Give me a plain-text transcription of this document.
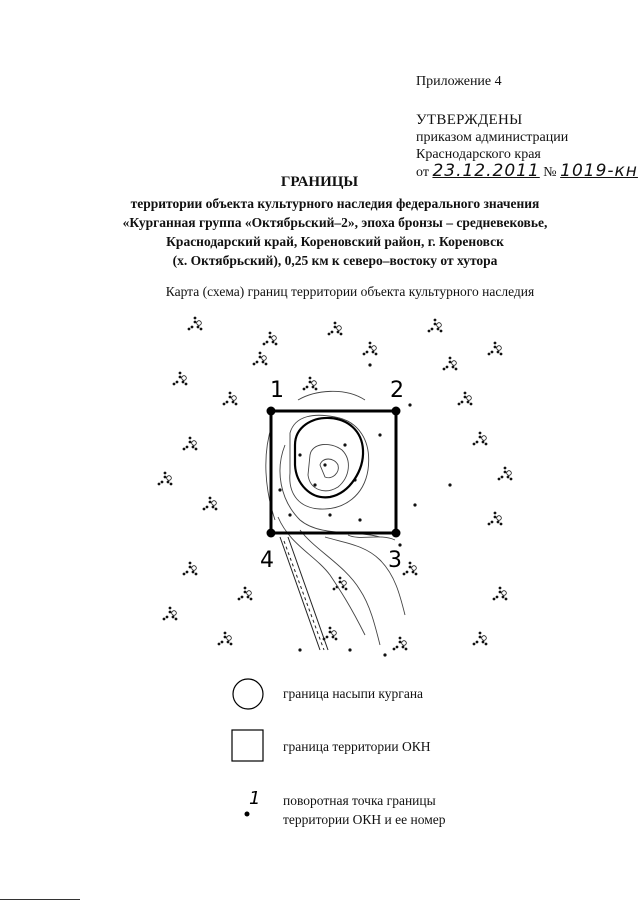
Приложение 4
УТВЕРЖДЕНЫ
приказом администрации
Краснодарского края
от 23.12.2011 № 1019-кн
ГРАНИЦЫ
территории объекта культурного наследия федерального значения
«Курганная группа «Октябрьский–2», эпоха бронзы – средневековье,
Краснодарский край, Кореновский район, г. Кореновск
(х. Октябрьский), 0,25 км к северо–востоку от хутора
Карта (схема) границ территории объекта культурного наследия
1	2
3
4
граница насыпи кургана
граница территории ОКН
1 поворотная точка границы
территории ОКН и ее номер
